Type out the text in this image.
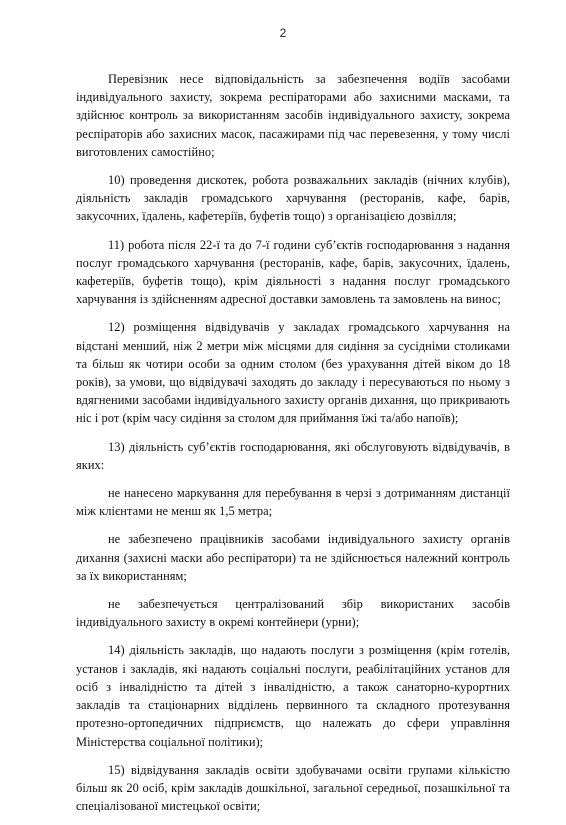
2

Перевізник несе відповідальність за забезпечення водіїв засобами індивідуального захисту, зокрема респіраторами або захисними масками, та здійснює контроль за використанням засобів індивідуального захисту, зокрема респіраторів або захисних масок, пасажирами під час перевезення, у тому числі виготовлених самостійно;

10) проведення дискотек, робота розважальних закладів (нічних клубів), діяльність закладів громадського харчування (ресторанів, кафе, барів, закусочних, їдалень, кафетеріїв, буфетів тощо) з організацією дозвілля;

11) робота після 22-ї та до 7-ї години суб’єктів господарювання з надання послуг громадського харчування (ресторанів, кафе, барів, закусочних, їдалень, кафетеріїв, буфетів тощо), крім діяльності з надання послуг громадського харчування із здійсненням адресної доставки замовлень та замовлень на винос;

12) розміщення відвідувачів у закладах громадського харчування на відстані менший, ніж 2 метри між місцями для сидіння за сусідніми столиками та більш як чотири особи за одним столом (без урахування дітей віком до 18 років), за умови, що відвідувачі заходять до закладу і пересуваються по ньому з вдягненими засобами індивідуального захисту органів дихання, що прикривають ніс і рот (крім часу сидіння за столом для приймання їжі та/або напоїв);

13) діяльність суб’єктів господарювання, які обслуговують відвідувачів, в яких:

не нанесено маркування для перебування в черзі з дотриманням дистанції між клієнтами не менш як 1,5 метра;

не забезпечено працівників засобами індивідуального захисту органів дихання (захисні маски або респіратори) та не здійснюється належний контроль за їх використанням;

не забезпечується централізований збір використаних засобів індивідуального захисту в окремі контейнери (урни);

14) діяльність закладів, що надають послуги з розміщення (крім готелів, установ і закладів, які надають соціальні послуги, реабілітаційних установ для осіб з інвалідністю та дітей з інвалідністю, а також санаторно-курортних закладів та стаціонарних відділень первинного та складного протезування протезно-ортопедичних підприємств, що належать до сфери управління Міністерства соціальної політики);

15) відвідування закладів освіти здобувачами освіти групами кількістю більш як 20 осіб, крім закладів дошкільної, загальної середньої, позашкільної та спеціалізованої мистецької освіти;
